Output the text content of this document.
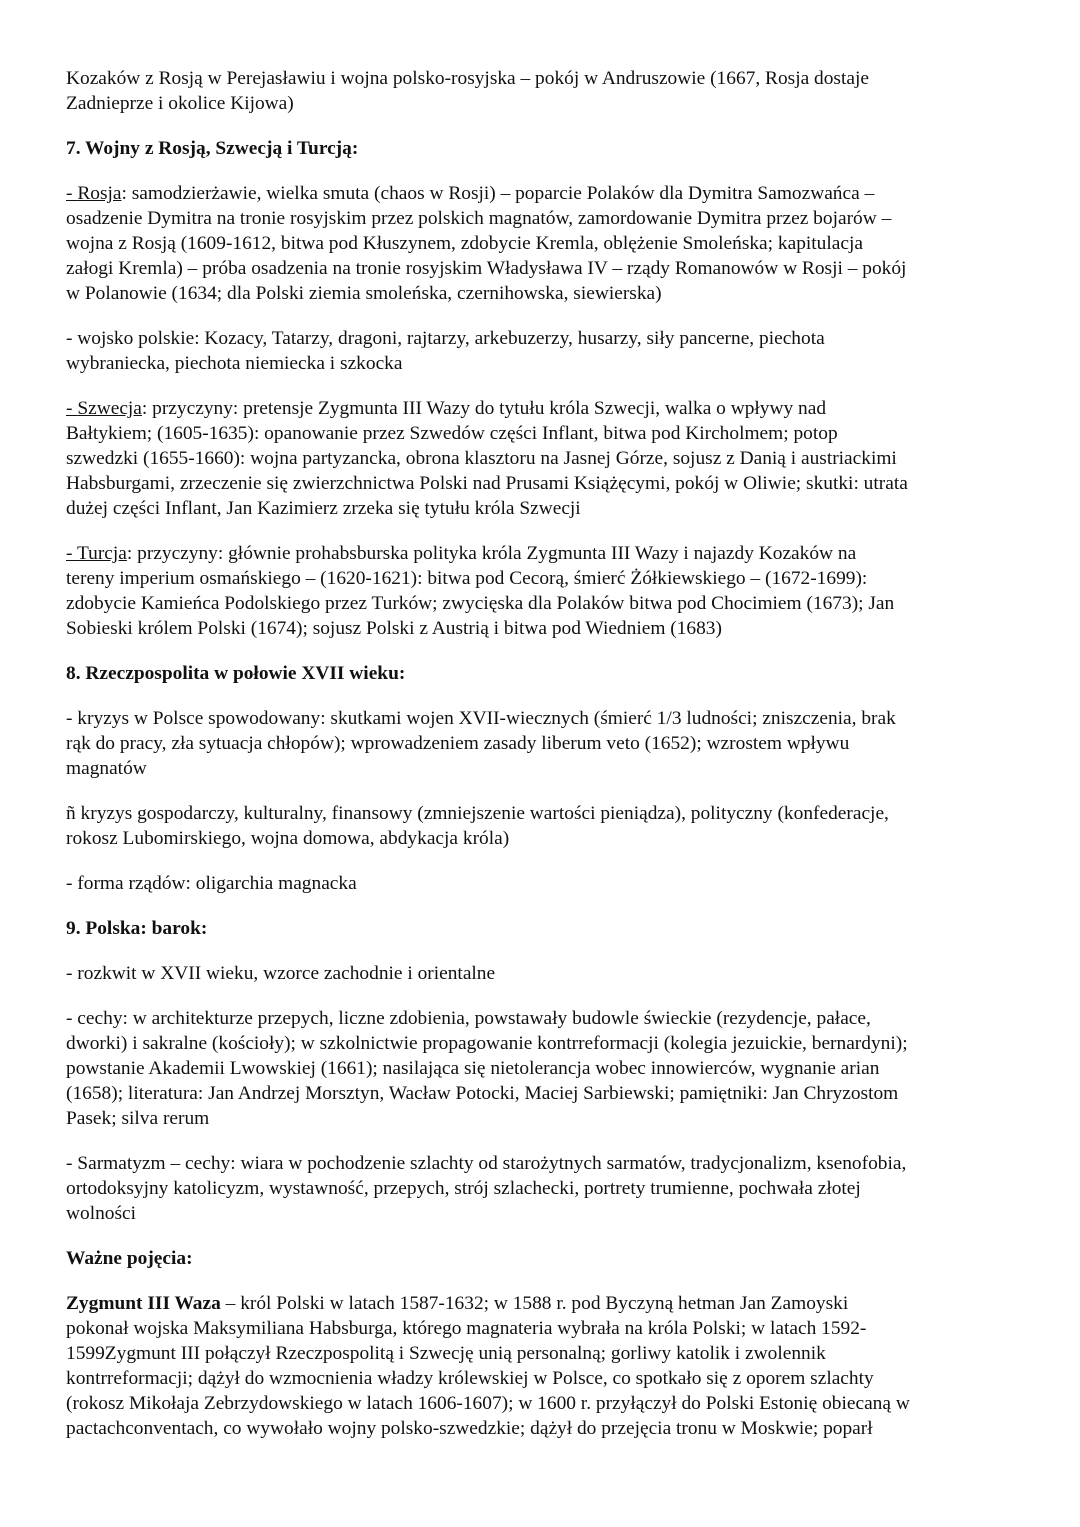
Kozaków z Rosją w Perejasławiu i wojna polsko-rosyjska – pokój w Andruszowie (1667, Rosja dostaje
Zadnieprze i okolice Kijowa)
7. Wojny z Rosją, Szwecją i Turcją:
- Rosja: samodzierżawie, wielka smuta (chaos w Rosji) – poparcie Polaków dla Dymitra Samozwańca –
osadzenie Dymitra na tronie rosyjskim przez polskich magnatów, zamordowanie Dymitra przez bojarów –
wojna z Rosją (1609-1612, bitwa pod Kłuszynem, zdobycie Kremla, oblężenie Smoleńska; kapitulacja
załogi Kremla) – próba osadzenia na tronie rosyjskim Władysława IV – rządy Romanowów w Rosji – pokój
w Polanowie (1634; dla Polski ziemia smoleńska, czernihowska, siewierska)
- wojsko polskie: Kozacy, Tatarzy, dragoni, rajtarzy, arkebuzerzy, husarzy, siły pancerne, piechota
wybraniecka, piechota niemiecka i szkocka
- Szwecja: przyczyny: pretensje Zygmunta III Wazy do tytułu króla Szwecji, walka o wpływy nad
Bałtykiem; (1605-1635): opanowanie przez Szwedów części Inflant, bitwa pod Kircholmem; potop
szwedzki (1655-1660): wojna partyzancka, obrona klasztoru na Jasnej Górze, sojusz z Danią i austriackimi
Habsburgami, zrzeczenie się zwierzchnictwa Polski nad Prusami Książęcymi, pokój w Oliwie; skutki: utrata
dużej części Inflant, Jan Kazimierz zrzeka się tytułu króla Szwecji
- Turcja: przyczyny: głównie prohabsburska polityka króla Zygmunta III Wazy i najazdy Kozaków na
tereny imperium osmańskiego – (1620-1621): bitwa pod Cecorą, śmierć Żółkiewskiego – (1672-1699):
zdobycie Kamieńca Podolskiego przez Turków; zwycięska dla Polaków bitwa pod Chocimiem (1673); Jan
Sobieski królem Polski (1674); sojusz Polski z Austrią i bitwa pod Wiedniem (1683)
8. Rzeczpospolita w połowie XVII wieku:
- kryzys w Polsce spowodowany: skutkami wojen XVII-wiecznych (śmierć 1/3 ludności; zniszczenia, brak
rąk do pracy, zła sytuacja chłopów); wprowadzeniem zasady liberum veto (1652); wzrostem wpływu
magnatów
ñ kryzys gospodarczy, kulturalny, finansowy (zmniejszenie wartości pieniądza), polityczny (konfederacje,
rokosz Lubomirskiego, wojna domowa, abdykacja króla)
- forma rządów: oligarchia magnacka
9. Polska: barok:
- rozkwit w XVII wieku, wzorce zachodnie i orientalne
- cechy: w architekturze przepych, liczne zdobienia, powstawały budowle świeckie (rezydencje, pałace,
dworki) i sakralne (kościoły); w szkolnictwie propagowanie kontrreformacji (kolegia jezuickie, bernardyni);
powstanie Akademii Lwowskiej (1661); nasilająca się nietolerancja wobec innowierców, wygnanie arian
(1658); literatura: Jan Andrzej Morsztyn, Wacław Potocki, Maciej Sarbiewski; pamiętniki: Jan Chryzostom
Pasek; silva rerum
- Sarmatyzm – cechy: wiara w pochodzenie szlachty od starożytnych sarmatów, tradycjonalizm, ksenofobia,
ortodoksyjny katolicyzm, wystawność, przepych, strój szlachecki, portrety trumienne, pochwała złotej
wolności
Ważne pojęcia:
Zygmunt III Waza – król Polski w latach 1587-1632; w 1588 r. pod Byczyną hetman Jan Zamoyski
pokonał wojska Maksymiliana Habsburga, którego magnateria wybrała na króla Polski; w latach 1592-
1599Zygmunt III połączył Rzeczpospolitą i Szwecję unią personalną; gorliwy katolik i zwolennik
kontrreformacji; dążył do wzmocnienia władzy królewskiej w Polsce, co spotkało się z oporem szlachty
(rokosz Mikołaja Zebrzydowskiego w latach 1606-1607); w 1600 r. przyłączył do Polski Estonię obiecaną w
pactachconventach, co wywołało wojny polsko-szwedzkie; dążył do przejęcia tronu w Moskwie; poparł
